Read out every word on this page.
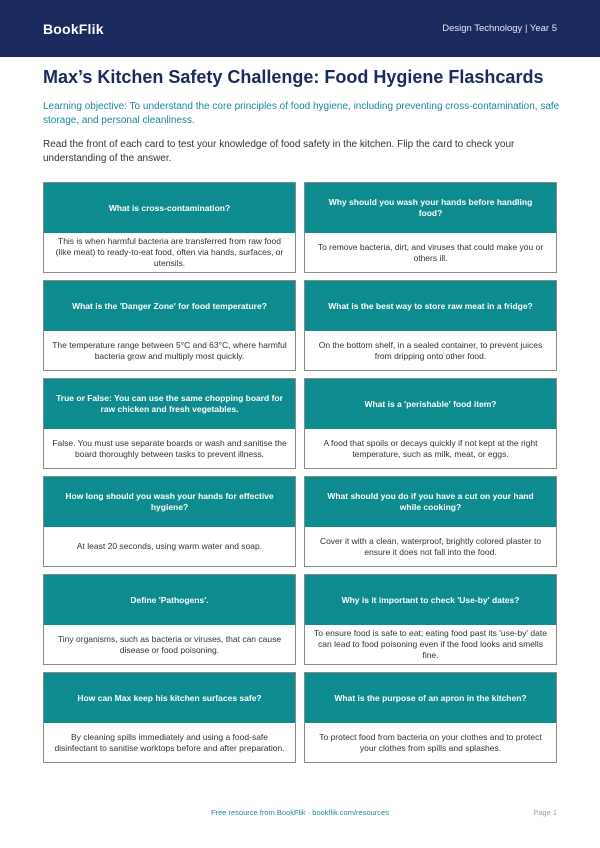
BookFlik	Design Technology | Year 5
Max’s Kitchen Safety Challenge: Food Hygiene Flashcards

Learning objective: To understand the core principles of food hygiene, including preventing cross-contamination, safe storage, and personal cleanliness.

Read the front of each card to test your knowledge of food safety in the kitchen. Flip the card to check your understanding of the answer.

What is cross-contamination?
This is when harmful bacteria are transferred from raw food (like meat) to ready-to-eat food, often via hands, surfaces, or utensils.
Why should you wash your hands before handling food?
To remove bacteria, dirt, and viruses that could make you or others ill.
What is the 'Danger Zone' for food temperature?
The temperature range between 5°C and 63°C, where harmful bacteria grow and multiply most quickly.
What is the best way to store raw meat in a fridge?
On the bottom shelf, in a sealed container, to prevent juices from dripping onto other food.
True or False: You can use the same chopping board for raw chicken and fresh vegetables.
False. You must use separate boards or wash and sanitise the board thoroughly between tasks to prevent illness.
What is a 'perishable' food item?
A food that spoils or decays quickly if not kept at the right temperature, such as milk, meat, or eggs.
How long should you wash your hands for effective hygiene?
At least 20 seconds, using warm water and soap.
What should you do if you have a cut on your hand while cooking?
Cover it with a clean, waterproof, brightly colored plaster to ensure it does not fall into the food.
Define 'Pathogens'.
Tiny organisms, such as bacteria or viruses, that can cause disease or food poisoning.
Why is it important to check 'Use-by' dates?
To ensure food is safe to eat; eating food past its 'use-by' date can lead to food poisoning even if the food looks and smells fine.
How can Max keep his kitchen surfaces safe?
By cleaning spills immediately and using a food-safe disinfectant to sanitise worktops before and after preparation.
What is the purpose of an apron in the kitchen?
To protect food from bacteria on your clothes and to protect your clothes from spills and splashes.
Free resource from BookFlik · bookflik.com/resources	Page 1
